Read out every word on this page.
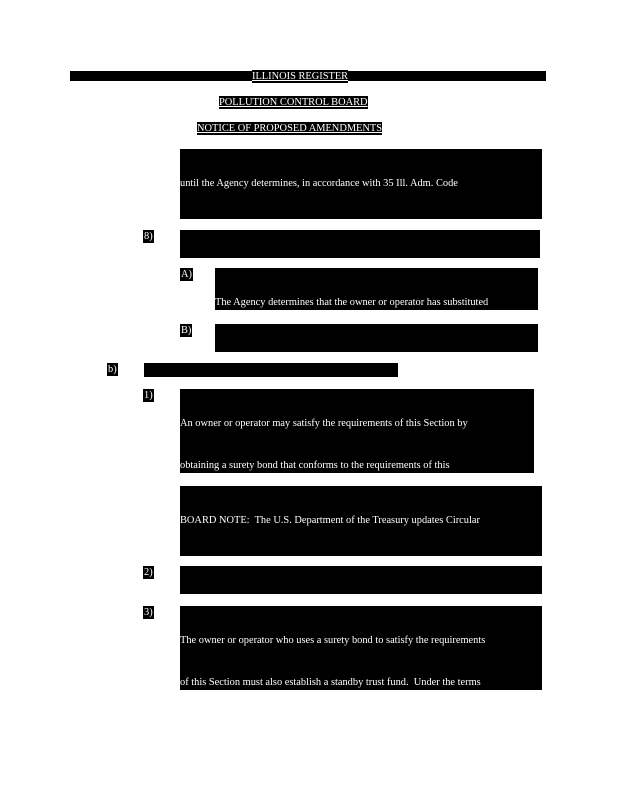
ILLINOIS REGISTER
POLLUTION CONTROL BOARD
NOTICE OF PROPOSED AMENDMENTS

until the Agency determines, in accordance with 35 Ill. Adm. Code

8)

A)

The Agency determines that the owner or operator has substituted

B)

b)

1)

An owner or operator may satisfy the requirements of this Section by

obtaining a surety bond that conforms to the requirements of this

BOARD NOTE:  The U.S. Department of the Treasury updates Circular

2)

3)

The owner or operator who uses a surety bond to satisfy the requirements

of this Section must also establish a standby trust fund.  Under the terms
